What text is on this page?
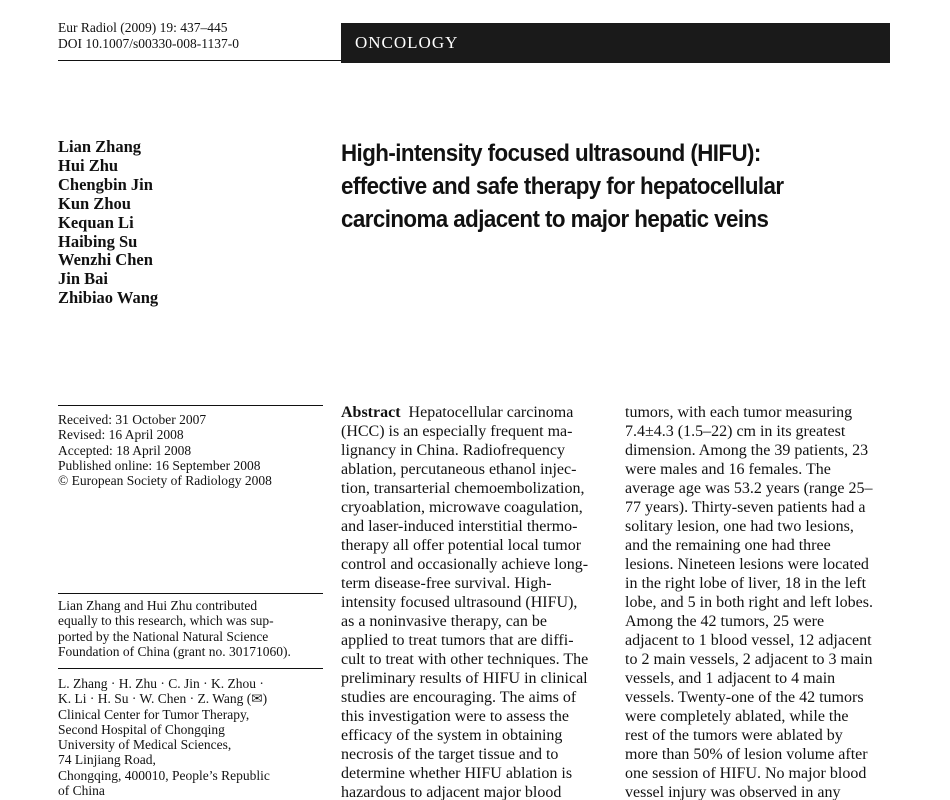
Eur Radiol (2009) 19: 437–445
DOI 10.1007/s00330-008-1137-0	ONCOLOGY
Lian Zhang
Hui Zhu
Chengbin Jin
Kun Zhou
Kequan Li
Haibing Su
Wenzhi Chen
Jin Bai
Zhibiao Wang
High-intensity focused ultrasound (HIFU):
effective and safe therapy for hepatocellular
carcinoma adjacent to major hepatic veins
Received: 31 October 2007
Revised: 16 April 2008
Accepted: 18 April 2008
Published online: 16 September 2008
© European Society of Radiology 2008
Lian Zhang and Hui Zhu contributed
equally to this research, which was sup-
ported by the National Natural Science
Foundation of China (grant no. 30171060).
L. Zhang · H. Zhu · C. Jin · K. Zhou ·
K. Li · H. Su · W. Chen · Z. Wang (✉)
Clinical Center for Tumor Therapy,
Second Hospital of Chongqing
University of Medical Sciences,
74 Linjiang Road,
Chongqing, 400010, People’s Republic
of China
Abstract  Hepatocellular carcinoma
(HCC) is an especially frequent ma-
lignancy in China. Radiofrequency
ablation, percutaneous ethanol injec-
tion, transarterial chemoembolization,
cryoablation, microwave coagulation,
and laser-induced interstitial thermo-
therapy all offer potential local tumor
control and occasionally achieve long-
term disease-free survival. High-
intensity focused ultrasound (HIFU),
as a noninvasive therapy, can be
applied to treat tumors that are diffi-
cult to treat with other techniques. The
preliminary results of HIFU in clinical
studies are encouraging. The aims of
this investigation were to assess the
efficacy of the system in obtaining
necrosis of the target tissue and to
determine whether HIFU ablation is
hazardous to adjacent major blood
tumors, with each tumor measuring
7.4±4.3 (1.5–22) cm in its greatest
dimension. Among the 39 patients, 23
were males and 16 females. The
average age was 53.2 years (range 25–
77 years). Thirty-seven patients had a
solitary lesion, one had two lesions,
and the remaining one had three
lesions. Nineteen lesions were located
in the right lobe of liver, 18 in the left
lobe, and 5 in both right and left lobes.
Among the 42 tumors, 25 were
adjacent to 1 blood vessel, 12 adjacent
to 2 main vessels, 2 adjacent to 3 main
vessels, and 1 adjacent to 4 main
vessels. Twenty-one of the 42 tumors
were completely ablated, while the
rest of the tumors were ablated by
more than 50% of lesion volume after
one session of HIFU. No major blood
vessel injury was observed in any
